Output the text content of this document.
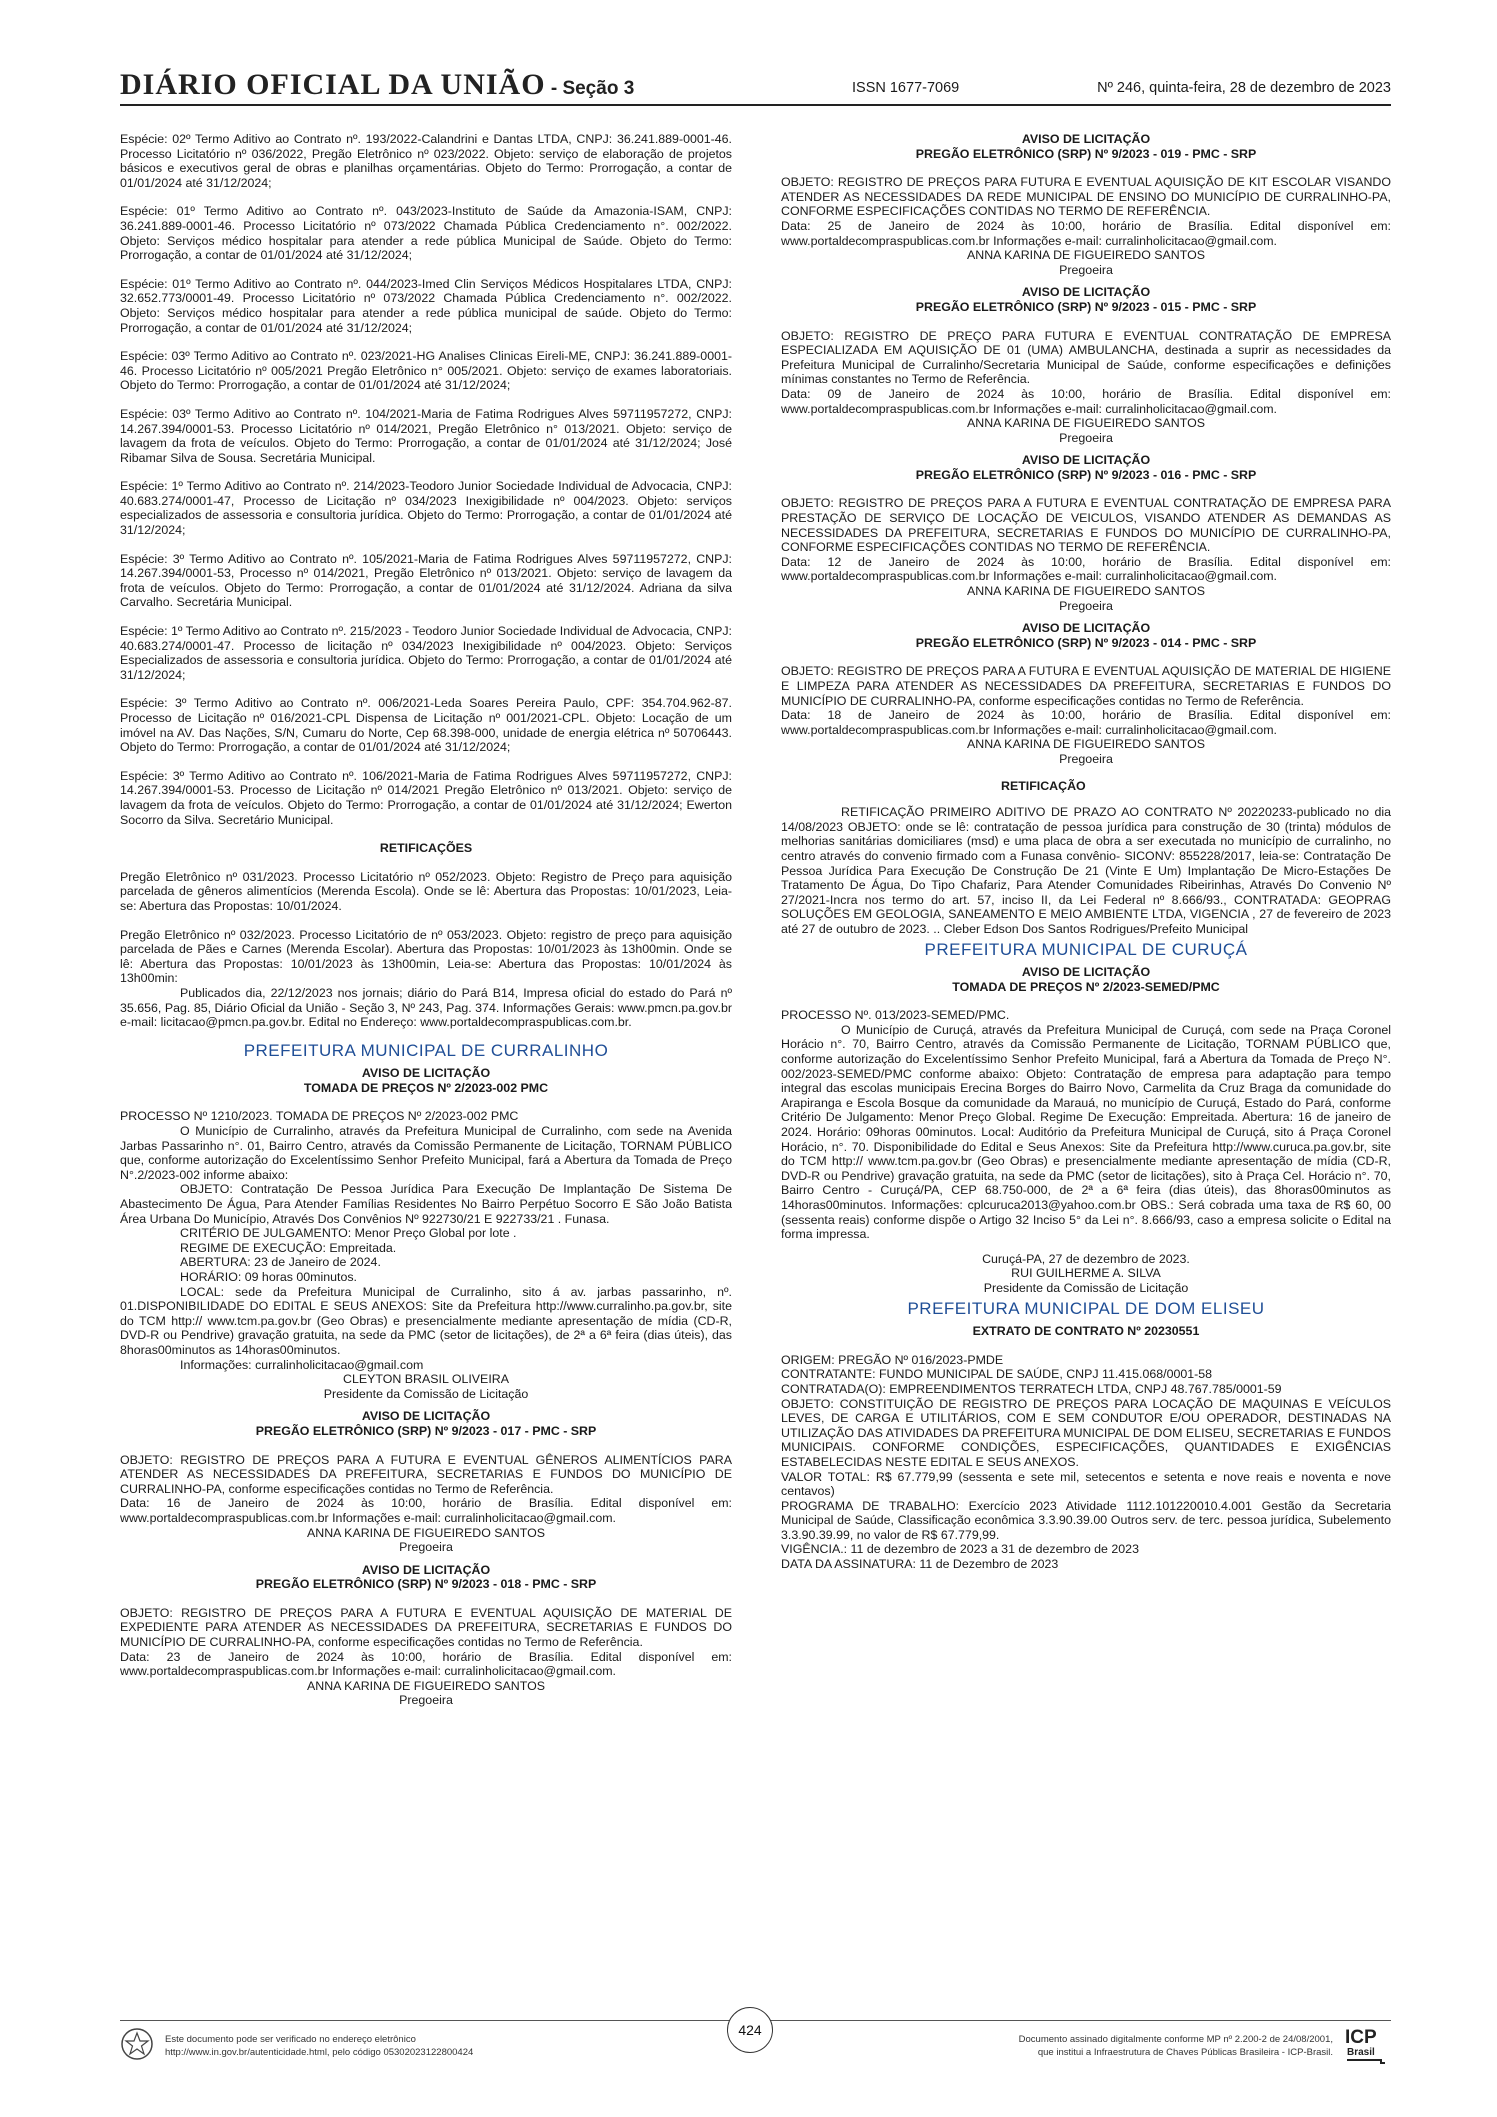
DIÁRIO OFICIAL DA UNIÃO - Seção 3	ISSN 1677-7069	Nº 246, quinta-feira, 28 de dezembro de 2023

Espécie: 02º Termo Aditivo ao Contrato nº. 193/2022-Calandrini e Dantas LTDA, CNPJ: 36.241.889-0001-46. Processo Licitatório nº 036/2022, Pregão Eletrônico nº 023/2022. Objeto: serviço de elaboração de projetos básicos e executivos geral de obras e planilhas orçamentárias. Objeto do Termo: Prorrogação, a contar de 01/01/2024 até 31/12/2024;

Espécie: 01º Termo Aditivo ao Contrato nº. 043/2023-Instituto de Saúde da Amazonia-ISAM, CNPJ: 36.241.889-0001-46. Processo Licitatório nº 073/2022 Chamada Pública Credenciamento n°. 002/2022. Objeto: Serviços médico hospitalar para atender a rede pública Municipal de Saúde. Objeto do Termo: Prorrogação, a contar de 01/01/2024 até 31/12/2024;

Espécie: 01º Termo Aditivo ao Contrato nº. 044/2023-Imed Clin Serviços Médicos Hospitalares LTDA, CNPJ: 32.652.773/0001-49. Processo Licitatório nº 073/2022 Chamada Pública Credenciamento n°. 002/2022. Objeto: Serviços médico hospitalar para atender a rede pública municipal de saúde. Objeto do Termo: Prorrogação, a contar de 01/01/2024 até 31/12/2024;

Espécie: 03º Termo Aditivo ao Contrato nº. 023/2021-HG Analises Clinicas Eireli-ME, CNPJ: 36.241.889-0001-46. Processo Licitatório nº 005/2021 Pregão Eletrônico n° 005/2021. Objeto: serviço de exames laboratoriais. Objeto do Termo: Prorrogação, a contar de 01/01/2024 até 31/12/2024;

Espécie: 03º Termo Aditivo ao Contrato nº. 104/2021-Maria de Fatima Rodrigues Alves 59711957272, CNPJ: 14.267.394/0001-53. Processo Licitatório nº 014/2021, Pregão Eletrônico n° 013/2021. Objeto: serviço de lavagem da frota de veículos. Objeto do Termo: Prorrogação, a contar de 01/01/2024 até 31/12/2024; José Ribamar Silva de Sousa. Secretária Municipal.

Espécie: 1º Termo Aditivo ao Contrato nº. 214/2023-Teodoro Junior Sociedade Individual de Advocacia, CNPJ: 40.683.274/0001-47, Processo de Licitação nº 034/2023 Inexigibilidade nº 004/2023. Objeto: serviços especializados de assessoria e consultoria jurídica. Objeto do Termo: Prorrogação, a contar de 01/01/2024 até 31/12/2024;

Espécie: 3º Termo Aditivo ao Contrato nº. 105/2021-Maria de Fatima Rodrigues Alves 59711957272, CNPJ: 14.267.394/0001-53, Processo nº 014/2021, Pregão Eletrônico nº 013/2021. Objeto: serviço de lavagem da frota de veículos. Objeto do Termo: Prorrogação, a contar de 01/01/2024 até 31/12/2024. Adriana da silva Carvalho. Secretária Municipal.

Espécie: 1º Termo Aditivo ao Contrato nº. 215/2023 - Teodoro Junior Sociedade Individual de Advocacia, CNPJ: 40.683.274/0001-47. Processo de licitação nº 034/2023 Inexigibilidade nº 004/2023. Objeto: Serviços Especializados de assessoria e consultoria jurídica. Objeto do Termo: Prorrogação, a contar de 01/01/2024 até 31/12/2024;

Espécie: 3º Termo Aditivo ao Contrato nº. 006/2021-Leda Soares Pereira Paulo, CPF: 354.704.962-87. Processo de Licitação nº 016/2021-CPL Dispensa de Licitação nº 001/2021-CPL. Objeto: Locação de um imóvel na AV. Das Nações, S/N, Cumaru do Norte, Cep 68.398-000, unidade de energia elétrica nº 50706443. Objeto do Termo: Prorrogação, a contar de 01/01/2024 até 31/12/2024;

Espécie: 3º Termo Aditivo ao Contrato nº. 106/2021-Maria de Fatima Rodrigues Alves 59711957272, CNPJ: 14.267.394/0001-53. Processo de Licitação nº 014/2021 Pregão Eletrônico nº 013/2021. Objeto: serviço de lavagem da frota de veículos. Objeto do Termo: Prorrogação, a contar de 01/01/2024 até 31/12/2024; Ewerton Socorro da Silva. Secretário Municipal.

RETIFICAÇÕES

Pregão Eletrônico nº 031/2023. Processo Licitatório nº 052/2023. Objeto: Registro de Preço para aquisição parcelada de gêneros alimentícios (Merenda Escola). Onde se lê: Abertura das Propostas: 10/01/2023, Leia-se: Abertura das Propostas: 10/01/2024.

Pregão Eletrônico nº 032/2023. Processo Licitatório de nº 053/2023. Objeto: registro de preço para aquisição parcelada de Pães e Carnes (Merenda Escolar). Abertura das Propostas: 10/01/2023 às 13h00min. Onde se lê: Abertura das Propostas: 10/01/2023 às 13h00min, Leia-se: Abertura das Propostas: 10/01/2024 às 13h00min:

Publicados dia, 22/12/2023 nos jornais; diário do Pará B14, Impresa oficial do estado do Pará nº 35.656, Pag. 85, Diário Oficial da União - Seção 3, Nº 243, Pag. 374. Informações Gerais: www.pmcn.pa.gov.br e-mail: licitacao@pmcn.pa.gov.br. Edital no Endereço: www.portaldecompraspublicas.com.br.

PREFEITURA MUNICIPAL DE CURRALINHO

AVISO DE LICITAÇÃO

TOMADA DE PREÇOS Nº 2/2023-002 PMC

PROCESSO Nº 1210/2023. TOMADA DE PREÇOS Nº 2/2023-002 PMC

O Município de Curralinho, através da Prefeitura Municipal de Curralinho, com sede na Avenida Jarbas Passarinho n°. 01, Bairro Centro, através da Comissão Permanente de Licitação, TORNAM PÚBLICO que, conforme autorização do Excelentíssimo Senhor Prefeito Municipal, fará a Abertura da Tomada de Preço N°.2/2023-002 informe abaixo:

OBJETO: Contratação De Pessoa Jurídica Para Execução De Implantação De Sistema De Abastecimento De Água, Para Atender Famílias Residentes No Bairro Perpétuo Socorro E São João Batista Área Urbana Do Município, Através Dos Convênios Nº 922730/21 E 922733/21 . Funasa.

CRITÉRIO DE JULGAMENTO: Menor Preço Global por lote .

REGIME DE EXECUÇÃO: Empreitada.

ABERTURA: 23 de Janeiro de 2024.

HORÁRIO: 09 horas 00minutos.

LOCAL: sede da Prefeitura Municipal de Curralinho, sito á av. jarbas passarinho, nº. 01.DISPONIBILIDADE DO EDITAL E SEUS ANEXOS: Site da Prefeitura http://www.curralinho.pa.gov.br, site do TCM http:// www.tcm.pa.gov.br (Geo Obras) e presencialmente mediante apresentação de mídia (CD-R, DVD-R ou Pendrive) gravação gratuita, na sede da PMC (setor de licitações), de 2ª a 6ª feira (dias úteis), das 8horas00minutos as 14horas00minutos.

Informações: curralinholicitacao@gmail.com

CLEYTON BRASIL OLIVEIRA

Presidente da Comissão de Licitação

AVISO DE LICITAÇÃO

PREGÃO ELETRÔNICO (SRP) Nº 9/2023 - 017 - PMC - SRP

OBJETO: REGISTRO DE PREÇOS PARA A FUTURA E EVENTUAL GÊNEROS ALIMENTÍCIOS PARA ATENDER AS NECESSIDADES DA PREFEITURA, SECRETARIAS E FUNDOS DO MUNICÍPIO DE CURRALINHO-PA, conforme especificações contidas no Termo de Referência.

Data: 16 de Janeiro de 2024 às 10:00, horário de Brasília. Edital disponível em: www.portaldecompraspublicas.com.br Informações e-mail: curralinholicitacao@gmail.com.

ANNA KARINA DE FIGUEIREDO SANTOS

Pregoeira

AVISO DE LICITAÇÃO

PREGÃO ELETRÔNICO (SRP) Nº 9/2023 - 018 - PMC - SRP

OBJETO: REGISTRO DE PREÇOS PARA A FUTURA E EVENTUAL AQUISIÇÃO DE MATERIAL DE EXPEDIENTE PARA ATENDER AS NECESSIDADES DA PREFEITURA, SECRETARIAS E FUNDOS DO MUNICÍPIO DE CURRALINHO-PA, conforme especificações contidas no Termo de Referência.

Data: 23 de Janeiro de 2024 às 10:00, horário de Brasília. Edital disponível em: www.portaldecompraspublicas.com.br Informações e-mail: curralinholicitacao@gmail.com.

ANNA KARINA DE FIGUEIREDO SANTOS

Pregoeira

AVISO DE LICITAÇÃO

PREGÃO ELETRÔNICO (SRP) Nº 9/2023 - 019 - PMC - SRP

OBJETO: REGISTRO DE PREÇOS PARA FUTURA E EVENTUAL AQUISIÇÃO DE KIT ESCOLAR VISANDO ATENDER AS NECESSIDADES DA REDE MUNICIPAL DE ENSINO DO MUNICÍPIO DE CURRALINHO-PA, CONFORME ESPECIFICAÇÕES CONTIDAS NO TERMO DE REFERÊNCIA.

Data: 25 de Janeiro de 2024 às 10:00, horário de Brasília. Edital disponível em: www.portaldecompraspublicas.com.br Informações e-mail: curralinholicitacao@gmail.com.

ANNA KARINA DE FIGUEIREDO SANTOS

Pregoeira

AVISO DE LICITAÇÃO

PREGÃO ELETRÔNICO (SRP) Nº 9/2023 - 015 - PMC - SRP

OBJETO: REGISTRO DE PREÇO PARA FUTURA E EVENTUAL CONTRATAÇÃO DE EMPRESA ESPECIALIZADA EM AQUISIÇÃO DE 01 (UMA) AMBULANCHA, destinada a suprir as necessidades da Prefeitura Municipal de Curralinho/Secretaria Municipal de Saúde, conforme especificações e definições mínimas constantes no Termo de Referência.

Data: 09 de Janeiro de 2024 às 10:00, horário de Brasília. Edital disponível em: www.portaldecompraspublicas.com.br Informações e-mail: curralinholicitacao@gmail.com.

ANNA KARINA DE FIGUEIREDO SANTOS

Pregoeira

AVISO DE LICITAÇÃO

PREGÃO ELETRÔNICO (SRP) Nº 9/2023 - 016 - PMC - SRP

OBJETO: REGISTRO DE PREÇOS PARA A FUTURA E EVENTUAL CONTRATAÇÃO DE EMPRESA PARA PRESTAÇÃO DE SERVIÇO DE LOCAÇÃO DE VEICULOS, VISANDO ATENDER AS DEMANDAS AS NECESSIDADES DA PREFEITURA, SECRETARIAS E FUNDOS DO MUNICÍPIO DE CURRALINHO-PA, CONFORME ESPECIFICAÇÕES CONTIDAS NO TERMO DE REFERÊNCIA.

Data: 12 de Janeiro de 2024 às 10:00, horário de Brasília. Edital disponível em: www.portaldecompraspublicas.com.br Informações e-mail: curralinholicitacao@gmail.com.

ANNA KARINA DE FIGUEIREDO SANTOS

Pregoeira

AVISO DE LICITAÇÃO

PREGÃO ELETRÔNICO (SRP) Nº 9/2023 - 014 - PMC - SRP

OBJETO: REGISTRO DE PREÇOS PARA A FUTURA E EVENTUAL AQUISIÇÃO DE MATERIAL DE HIGIENE E LIMPEZA PARA ATENDER AS NECESSIDADES DA PREFEITURA, SECRETARIAS E FUNDOS DO MUNICÍPIO DE CURRALINHO-PA, conforme especificações contidas no Termo de Referência.

Data: 18 de Janeiro de 2024 às 10:00, horário de Brasília. Edital disponível em: www.portaldecompraspublicas.com.br Informações e-mail: curralinholicitacao@gmail.com.

ANNA KARINA DE FIGUEIREDO SANTOS

Pregoeira

RETIFICAÇÃO

RETIFICAÇÃO PRIMEIRO ADITIVO DE PRAZO AO CONTRATO Nº 20220233-publicado no dia 14/08/2023 OBJETO: onde se lê: contratação de pessoa jurídica para construção de 30 (trinta) módulos de melhorias sanitárias domiciliares (msd) e uma placa de obra a ser executada no município de curralinho, no centro através do convenio firmado com a Funasa convênio- SICONV: 855228/2017, leia-se: Contratação De Pessoa Jurídica Para Execução De Construção De 21 (Vinte E Um) Implantação De Micro-Estações De Tratamento De Água, Do Tipo Chafariz, Para Atender Comunidades Ribeirinhas, Através Do Convenio Nº 27/2021-Incra nos termo do art. 57, inciso II, da Lei Federal nº 8.666/93., CONTRATADA: GEOPRAG SOLUÇÕES EM GEOLOGIA, SANEAMENTO E MEIO AMBIENTE LTDA, VIGENCIA , 27 de fevereiro de 2023 até 27 de outubro de 2023. .. Cleber Edson Dos Santos Rodrigues/Prefeito Municipal

PREFEITURA MUNICIPAL DE CURUÇÁ

AVISO DE LICITAÇÃO

TOMADA DE PREÇOS Nº 2/2023-SEMED/PMC

PROCESSO Nº. 013/2023-SEMED/PMC.

O Município de Curuçá, através da Prefeitura Municipal de Curuçá, com sede na Praça Coronel Horácio n°. 70, Bairro Centro, através da Comissão Permanente de Licitação, TORNAM PÚBLICO que, conforme autorização do Excelentíssimo Senhor Prefeito Municipal, fará a Abertura da Tomada de Preço N°. 002/2023-SEMED/PMC conforme abaixo: Objeto: Contratação de empresa para adaptação para tempo integral das escolas municipais Erecina Borges do Bairro Novo, Carmelita da Cruz Braga da comunidade do Arapiranga e Escola Bosque da comunidade da Marauá, no município de Curuçá, Estado do Pará, conforme Critério De Julgamento: Menor Preço Global. Regime De Execução: Empreitada. Abertura: 16 de janeiro de 2024. Horário: 09horas 00minutos. Local: Auditório da Prefeitura Municipal de Curuçá, sito á Praça Coronel Horácio, n°. 70. Disponibilidade do Edital e Seus Anexos: Site da Prefeitura http://www.curuca.pa.gov.br, site do TCM http:// www.tcm.pa.gov.br (Geo Obras) e presencialmente mediante apresentação de mídia (CD-R, DVD-R ou Pendrive) gravação gratuita, na sede da PMC (setor de licitações), sito à Praça Cel. Horácio n°. 70, Bairro Centro - Curuçá/PA, CEP 68.750-000, de 2ª a 6ª feira (dias úteis), das 8horas00minutos as 14horas00minutos. Informações: cplcuruca2013@yahoo.com.br OBS.: Será cobrada uma taxa de R$ 60, 00 (sessenta reais) conforme dispõe o Artigo 32 Inciso 5° da Lei n°. 8.666/93, caso a empresa solicite o Edital na forma impressa.

Curuçá-PA, 27 de dezembro de 2023.

RUI GUILHERME A. SILVA

Presidente da Comissão de Licitação

PREFEITURA MUNICIPAL DE DOM ELISEU

EXTRATO DE CONTRATO Nº 20230551

ORIGEM: PREGÃO Nº 016/2023-PMDE

CONTRATANTE: FUNDO MUNICIPAL DE SAÚDE, CNPJ 11.415.068/0001-58

CONTRATADA(O): EMPREENDIMENTOS TERRATECH LTDA, CNPJ 48.767.785/0001-59

OBJETO: CONSTITUIÇÃO DE REGISTRO DE PREÇOS PARA LOCAÇÃO DE MAQUINAS E VEÍCULOS LEVES, DE CARGA E UTILITÁRIOS, COM E SEM CONDUTOR E/OU OPERADOR, DESTINADAS NA UTILIZAÇÃO DAS ATIVIDADES DA PREFEITURA MUNICIPAL DE DOM ELISEU, SECRETARIAS E FUNDOS MUNICIPAIS. CONFORME CONDIÇÕES, ESPECIFICAÇÕES, QUANTIDADES E EXIGÊNCIAS ESTABELECIDAS NESTE EDITAL E SEUS ANEXOS.

VALOR TOTAL: R$ 67.779,99 (sessenta e sete mil, setecentos e setenta e nove reais e noventa e nove centavos)

PROGRAMA DE TRABALHO: Exercício 2023 Atividade 1112.101220010.4.001 Gestão da Secretaria Municipal de Saúde, Classificação econômica 3.3.90.39.00 Outros serv. de terc. pessoa jurídica, Subelemento 3.3.90.39.99, no valor de R$ 67.779,99.

VIGÊNCIA.: 11 de dezembro de 2023 a 31 de dezembro de 2023

DATA DA ASSINATURA: 11 de Dezembro de 2023

Este documento pode ser verificado no endereço eletrônico
http://www.in.gov.br/autenticidade.html, pelo código 05302023122800424
424
Documento assinado digitalmente conforme MP nº 2.200-2 de 24/08/2001,
que institui a Infraestrutura de Chaves Públicas Brasileira - ICP-Brasil.
ICP
Brasil
